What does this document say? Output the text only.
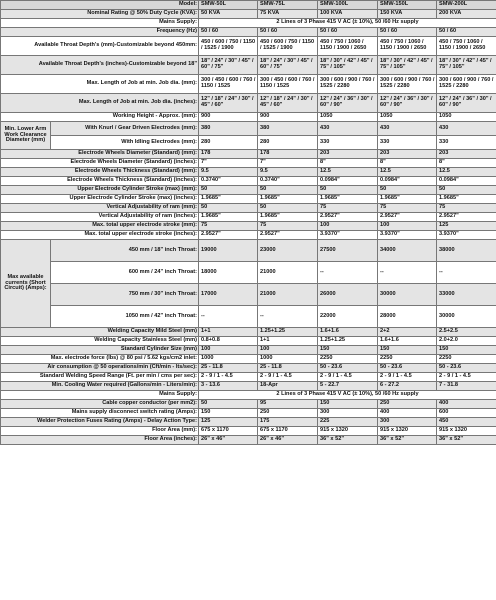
Model:		SMW-50L	SMW-75L	SMW-100L	SMW-150L	SMW-200L
Nominal Rating @ 50% Duty Cycle (KVA):		50 KVA	75 KVA	100 KVA	150 KVA	200 KVA
Mains Supply:		2 Lines of 3 Phase 415 V AC (± 10%), 50 /60 Hz supply				
Frequency (Hz)		50 / 60	50 / 60	50 / 60	50 / 60	50 / 60
Available Throat Depth's (mm)-Customizable beyond 450mm:		450 / 600 / 750 / 1150 / 1525 / 1900	450 / 600 / 750 / 1150 / 1525 / 1900	450 / 750 / 1060 / 1150 / 1900 / 2650	450 / 750 / 1060 / 1150 / 1900 / 2650	450 / 750 / 1060 / 1150 / 1900 / 2650
Available Throat Depth's (inches)-Customizable beyond 18"		18" / 24" / 30" / 45" / 60" / 75"	18" / 24" / 30" / 45" / 60" / 75"	18" / 30" / 42" / 45" / 75" / 105"	18" / 30" / 42" / 45" / 75" / 105"	18" / 30" / 42" / 45" / 75" / 105"
Max. Length of Job at min. Job dia. (mm):		300 / 450 / 600 / 760 / 1150 / 1525	300 / 450 / 600 / 760 / 1150 / 1525	300 / 600 / 900 / 760 / 1525 / 2280	300 / 600 / 900 / 760 / 1525 / 2280	300 / 600 / 900 / 760 / 1525 / 2280
Max. Length of Job at min. Job dia. (inches):		12" / 18" / 24" / 30" / 45" / 60"	12" / 18" / 24" / 30" / 45" / 60"	12" / 24" / 36" / 30" / 60" / 90"	12" / 24" / 36" / 30" / 60" / 90"	12" / 24" / 36" / 30" / 60" / 90"
Working Height - Approx. (mm):		900	900	1050	1050	1050
Min. Lower Arm Work Clearance Diameter (mm)	With Knurl / Gear Driven Electrodes (mm):	380	380	430	430	430
	With Idling Electrodes (mm):	280	280	330	330	330
Electrode Wheels Diameter (Standard) (mm):		178	178	203	203	203
Electrode Wheels Diameter (Standard) (inches):		7"	7"	8"	8"	8"
Electrode Wheels Thickness (Standard) (mm):		9.5	9.5	12.5	12.5	12.5
Electrode Wheels Thickness (Standard) (inches):		0.3740"	0.3740"	0.0984"	0.0984"	0.0984"
Upper Electrode Cylinder Stroke (max) (mm):		50	50	50	50	50
Upper Electrode Cylinder Stroke (max) (inches):		1.9685"	1.9685"	1.9685"	1.9685"	1.9685"
Vertical Adjustability of ram (mm):		50	50	75	75	75
Vertical Adjustability of ram (inches):		1.9685"	1.9685"	2.9527"	2.9527"	2.9527"
Max. total upper electrode stroke (mm):		75	75	100	100	125
Max. total upper electrode stroke (inches):		2.9527"	2.9527"	3.9370"	3.9370"	3.9370"
Max available currents (Short Circuit) (Amps):	450 mm / 18" inch Throat:	19000	23000	27500	34000	38000
	600 mm / 24" inch Throat:	18000	21000	--	--	--
	750 mm / 30" inch Throat:	17000	21000	26000	30000	33000
	1050 mm / 42" inch Throat:	--	--	22000	28000	30000
Welding Capacity Mild Steel (mm)		1+1	1.25+1.25	1.6+1.6	2+2	2.5+2.5
Welding Capacity Stainless Steel (mm)		0.8+0.8	1+1	1.25+1.25	1.6+1.6	2.0+2.0
Standard Cylinder Size (mm)		100	100	150	150	150
Max. electrode force (lbs) @ 80 psi / 5.62 kgs/cm2 inlet:		1000	1000	2250	2250	2250
Air consumption @ 50 operations/min (Cft/min - lts/sec):		25 - 11.8	25 - 11.8	50 - 23.6	50 - 23.6	50 - 23.6
Standard Welding Speed Range (Ft. per min / cms per sec):		2 - 9 / 1 - 4.5	2 - 9 / 1 - 4.5	2 - 9 / 1 - 4.5	2 - 9 / 1 - 4.5	2 - 9 / 1 - 4.5
Min. Cooling Water required (Gallons/min - Liters/min):		3 - 13.6	18-Apr	5 - 22.7	6 - 27.2	7 - 31.8
Mains Supply:		2 Lines of 3 Phase 415 V AC (± 10%), 50 /60 Hz supply				
Cable copper conductor (per mm2):		50	95	150	250	400
Mains supply disconnect switch rating (Amps):		150	250	300	400	600
Welder Protection Fuses Rating (Amps) - Delay Action Type:		125	175	225	300	450
Floor Area (mm):		675 x 1170	675 x 1170	915 x 1320	915 x 1320	915 x 1320
Floor Area (inches):		26" x 46"	26" x 46"	36" x 52"	36" x 52"	36" x 52"
